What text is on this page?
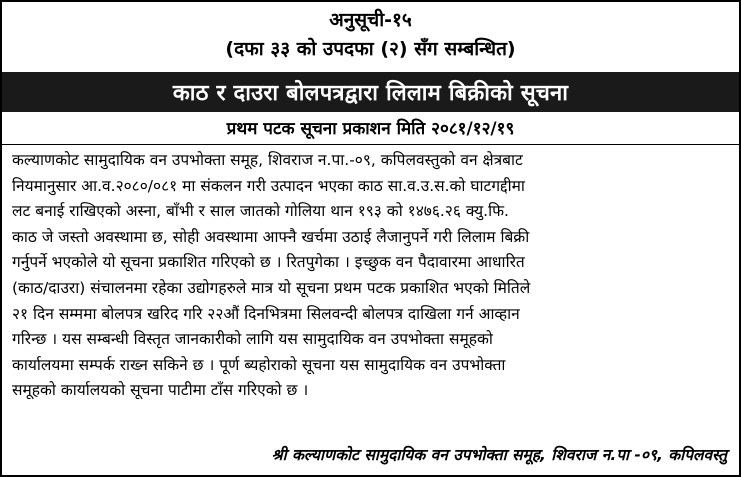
अनुसूची-१५
(दफा ३३ को उपदफा (२) सँग सम्बन्धित)
काठ र दाउरा बोलपत्रद्वारा लिलाम बिक्रीको सूचना
प्रथम पटक सूचना प्रकाशन मिति २०८१/१२/१९
कल्याणकोट सामुदायिक वन उपभोक्ता समूह, शिवराज न.पा.-०९, कपिलवस्तुको वन क्षेत्रबाट
नियमानुसार आ.व.२०८०/०८१ मा संकलन गरी उत्पादन भएका काठ सा.व.उ.स.को घाटगद्दीमा
लट बनाई राखिएको अस्ना, बाँभी र साल जातको गोलिया थान १९३ को १४७६.२६ क्यु.फि.
काठ जे जस्तो अवस्थामा छ, सोही अवस्थामा आफ्नै खर्चमा उठाई लैजानुपर्ने गरी लिलाम बिक्री
गर्नुपर्ने भएकोले यो सूचना प्रकाशित गरिएको छ । रितपुगेका । इच्छुक वन पैदावारमा आधारित
(काठ/दाउरा) संचालनमा रहेका उद्योगहरुले मात्र यो सूचना प्रथम पटक प्रकाशित भएको मितिले
२१ दिन सम्ममा बोलपत्र खरिद गरि २२औं दिनभित्रमा सिलवन्दी बोलपत्र दाखिला गर्न आव्हान
गरिन्छ । यस सम्बन्धी विस्तृत जानकारीको लागि यस सामुदायिक वन उपभोक्ता समूहको
कार्यालयमा सम्पर्क राख्न सकिने छ । पूर्ण ब्यहोराको सूचना यस सामुदायिक वन उपभोक्ता
समूहको कार्यालयको सूचना पाटीमा टाँस गरिएको छ ।
श्री कल्याणकोट सामुदायिक वन उपभोक्ता समूह, शिवराज न.पा -०९, कपिलवस्तु
